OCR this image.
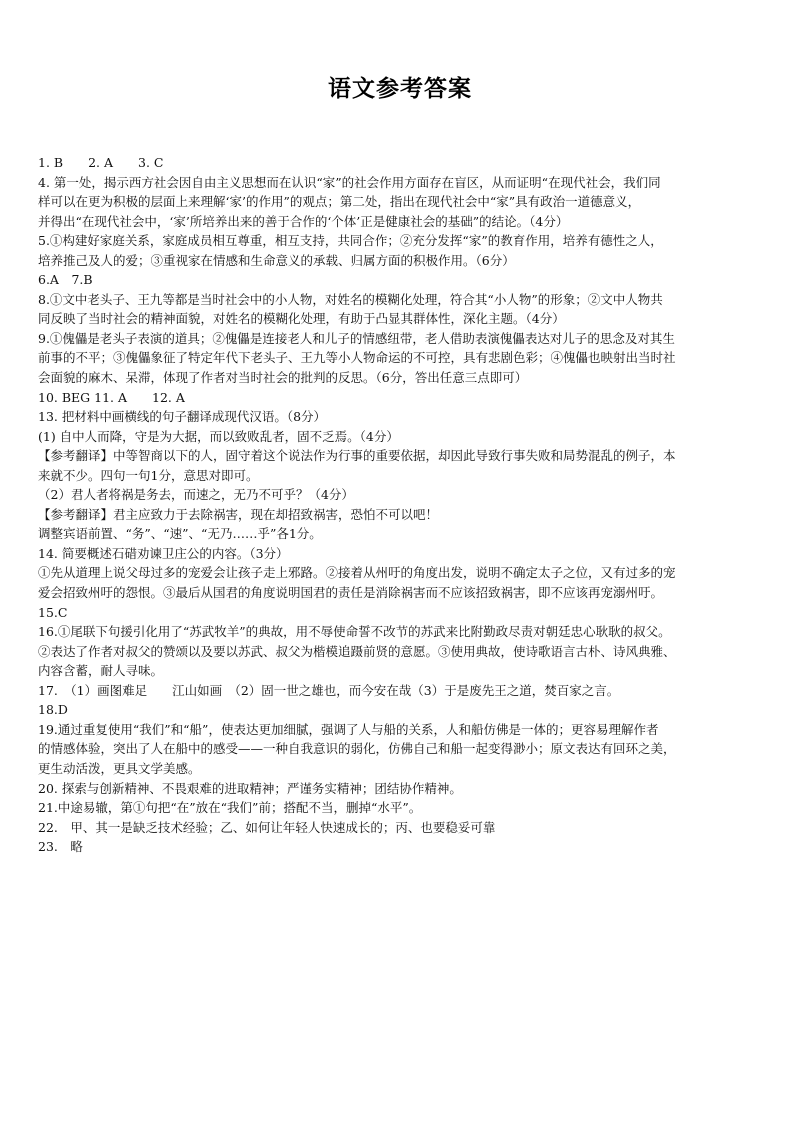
语文参考答案
1. B　　2. A　　3. C
4. 第一处，揭示西方社会因自由主义思想而在认识“家”的社会作用方面存在盲区，从而证明“在现代社会，我们同
样可以在更为积极的层面上来理解‘家’的作用”的观点；第二处，指出在现代社会中“家”具有政治一道德意义，
并得出“在现代社会中，‘家’所培养出来的善于合作的‘个体’正是健康社会的基础”的结论。（4分）
5.①构建好家庭关系，家庭成员相互尊重，相互支持，共同合作；②充分发挥“家”的教育作用，培养有德性之人，
培养推己及人的爱；③重视家在情感和生命意义的承载、归属方面的积极作用。（6分）
6.A　7.B
8.①文中老头子、王九等都是当时社会中的小人物，对姓名的模糊化处理，符合其“小人物”的形象；②文中人物共
同反映了当时社会的精神面貌，对姓名的模糊化处理，有助于凸显其群体性，深化主题。（4分）
9.①傀儡是老头子表演的道具；②傀儡是连接老人和儿子的情感纽带，老人借助表演傀儡表达对儿子的思念及对其生
前事的不平；③傀儡象征了特定年代下老头子、王九等小人物命运的不可控，具有悲剧色彩；④傀儡也映射出当时社
会面貌的麻木、呆滞，体现了作者对当时社会的批判的反思。（6分，答出任意三点即可）
10. BEG 11. A　　12. A
13. 把材料中画横线的句子翻译成现代汉语。（8分）
(1) 自中人而降，守是为大据，而以致败乱者，固不乏焉。（4分）
【参考翻译】中等智商以下的人，固守着这个说法作为行事的重要依据，却因此导致行事失败和局势混乱的例子，本
来就不少。四句一句1分，意思对即可。
（2）君人者将祸是务去，而速之，无乃不可乎？（4分）
【参考翻译】君主应致力于去除祸害，现在却招致祸害，恐怕不可以吧！
调整宾语前置、“务”、“速”、“无乃……乎”各1分。
14. 简要概述石碏劝谏卫庄公的内容。（3分）
①先从道理上说父母过多的宠爱会让孩子走上邪路。②接着从州吁的角度出发，说明不确定太子之位，又有过多的宠
爱会招致州吁的怨恨。③最后从国君的角度说明国君的责任是消除祸害而不应该招致祸害，即不应该再宠溺州吁。
15.C
16.①尾联下句援引化用了“苏武牧羊”的典故，用不辱使命誓不改节的苏武来比附勤政尽责对朝廷忠心耿耿的叔父。
②表达了作者对叔父的赞颂以及要以苏武、叔父为楷模追蹑前贤的意愿。③使用典故，使诗歌语言古朴、诗风典雅、
内容含蓄，耐人寻味。
17.　（1）画图难足　　江山如画　（2）固一世之雄也，而今安在哉（3）于是废先王之道，焚百家之言。
18.D
19.通过重复使用“我们”和“船”，使表达更加细腻，强调了人与船的关系，人和船仿佛是一体的；更容易理解作者
的情感体验，突出了人在船中的感受——一种自我意识的弱化，仿佛自己和船一起变得渺小；原文表达有回环之美，
更生动活泼，更具文学美感。
20. 探索与创新精神、不畏艰难的进取精神；严谨务实精神；团结协作精神。
21.中途易辙，第①句把“在”放在“我们”前；搭配不当，删掉“水平”。
22.　甲、其一是缺乏技术经验；乙、如何让年轻人快速成长的；丙、也要稳妥可靠
23.　略
